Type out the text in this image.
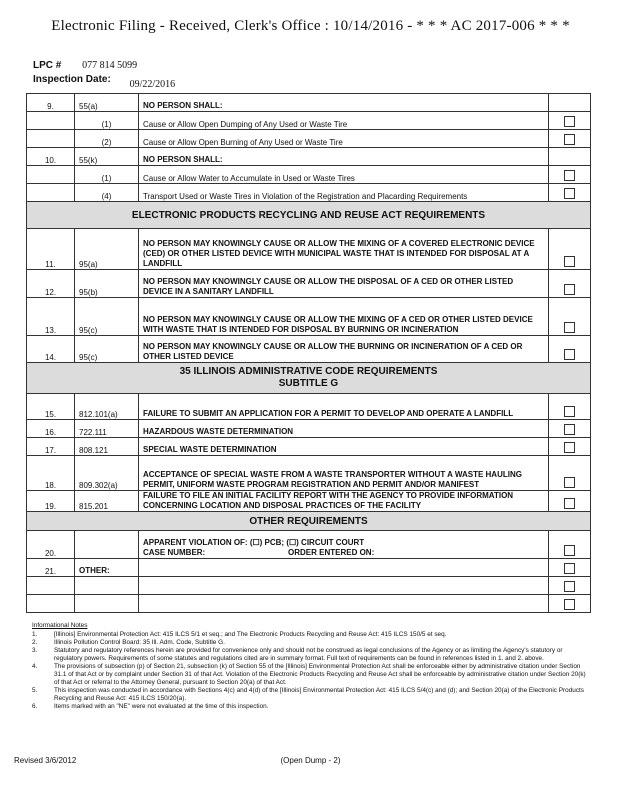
Electronic Filing - Received, Clerk's Office : 10/14/2016 - * * * AC 2017-006 * * *
LPC # 077 814 5099
Inspection Date: 09/22/2016
9.	55(a)	NO PERSON SHALL:	
	(1)	Cause or Allow Open Dumping of Any Used or Waste Tire	
	(2)	Cause or Allow Open Burning of Any Used or Waste Tire	
10.	55(k)	NO PERSON SHALL:	
	(1)	Cause or Allow Water to Accumulate in Used or Waste Tires	
	(4)	Transport Used or Waste Tires in Violation of the Registration and Placarding Requirements	
ELECTRONIC PRODUCTS RECYCLING AND REUSE ACT REQUIREMENTS			
11.	95(a)	NO PERSON MAY KNOWINGLY CAUSE OR ALLOW THE MIXING OF A COVERED ELECTRONIC DEVICE (CED) OR OTHER LISTED DEVICE WITH MUNICIPAL WASTE THAT IS INTENDED FOR DISPOSAL AT A LANDFILL	
12.	95(b)	NO PERSON MAY KNOWINGLY CAUSE OR ALLOW THE DISPOSAL OF A CED OR OTHER LISTED DEVICE IN A SANITARY LANDFILL	
13.	95(c)	NO PERSON MAY KNOWINGLY CAUSE OR ALLOW THE MIXING OF A CED OR OTHER LISTED DEVICE WITH WASTE THAT IS INTENDED FOR DISPOSAL BY BURNING OR INCINERATION	
14.	95(c)	NO PERSON MAY KNOWINGLY CAUSE OR ALLOW THE BURNING OR INCINERATION OF A CED OR OTHER LISTED DEVICE	

35 ILLINOIS ADMINISTRATIVE CODE REQUIREMENTS
SUBTITLE G			

15.	812.101(a)	FAILURE TO SUBMIT AN APPLICATION FOR A PERMIT TO DEVELOP AND OPERATE A LANDFILL	
16.	722.111	HAZARDOUS WASTE DETERMINATION	
17.	808.121	SPECIAL WASTE DETERMINATION	
18.	809.302(a)	ACCEPTANCE OF SPECIAL WASTE FROM A WASTE TRANSPORTER WITHOUT A WASTE HAULING PERMIT, UNIFORM WASTE PROGRAM REGISTRATION AND PERMIT AND/OR MANIFEST	
19.	815.201	FAILURE TO FILE AN INITIAL FACILITY REPORT WITH THE AGENCY TO PROVIDE INFORMATION CONCERNING LOCATION AND DISPOSAL PRACTICES OF THE FACILITY	
OTHER REQUIREMENTS			
20.		APPARENT VIOLATION OF: (☐) PCB; (☐) CIRCUIT COURT
CASE NUMBER: ORDER ENTERED ON:	

21.	OTHER:		

Informational Notes
1.	[Illinois] Environmental Protection Act: 415 ILCS 5/1 et seq.; and The Electronic Products Recycling and Reuse Act: 415 ILCS 150/5 et seq.
2.	Illinois Pollution Control Board: 35 Ill. Adm. Code, Subtitle G.
3.	Statutory and regulatory references herein are provided for convenience only and should not be construed as legal conclusions of the Agency or as limiting the Agency's statutory or regulatory powers. Requirements of some statutes and regulations cited are in summary format. Full text of requirements can be found in references listed in 1. and 2. above.
4.	The provisions of subsection (p) of Section 21, subsection (k) of Section 55 of the [Illinois] Environmental Protection Act shall be enforceable either by administrative citation under Section 31.1 of that Act or by complaint under Section 31 of that Act. Violation of the Electronic Products Recycling and Reuse Act shall be enforceable by administrative citation under Section 20(k) of that Act or referral to the Attorney General, pursuant to Section 20(a) of that Act.
5.	This inspection was conducted in accordance with Sections 4(c) and 4(d) of the [Illinois] Environmental Protection Act: 415 ILCS 5/4(c) and (d); and Section 20(a) of the Electronic Products Recycling and Reuse Act: 415 ILCS 150/20(a).
6.	Items marked with an "NE" were not evaluated at the time of this inspection.
Revised 3/6/2012	(Open Dump - 2)
